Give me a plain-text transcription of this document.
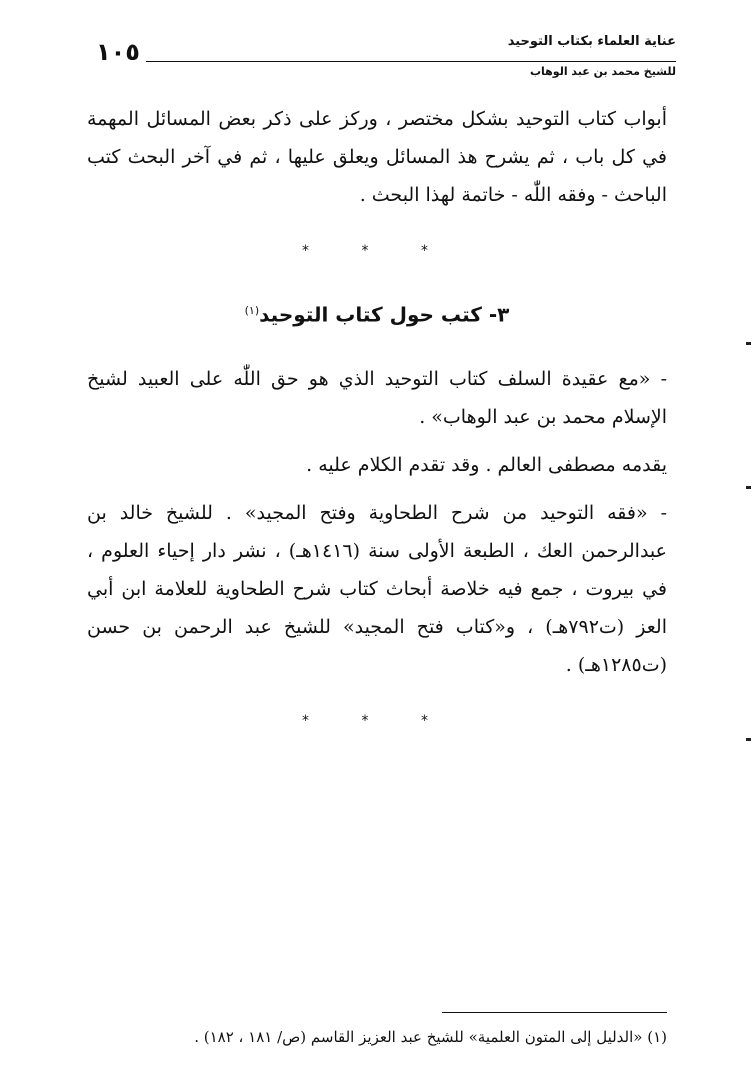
١٠٥	عناية العلماء بكتاب التوحيد
للشيخ محمد بن عبد الوهاب

أبواب كتاب التوحيد بشكل مختصر ، وركز على ذكر بعض المسائل المهمة في كل باب ، ثم يشرح هذ المسائل ويعلق عليها ، ثم في آخر البحث كتب الباحث - وفقه اللّٰه - خاتمة لهذا البحث .

* * *
٣- كتب حول كتاب التوحيد$^{(١)}$

- «مع عقيدة السلف كتاب التوحيد الذي هو حق اللّٰه على العبيد لشيخ الإسلام محمد بن عبد الوهاب» .

يقدمه مصطفى العالم . وقد تقدم الكلام عليه .

- «فقه التوحيد من شرح الطحاوية وفتح المجيد» . للشيخ خالد بن عبدالرحمن العك ، الطبعة الأولى سنة (١٤١٦هـ) ، نشر دار إحياء العلوم ، في بيروت ، جمع فيه خلاصة أبحاث كتاب شرح الطحاوية للعلامة ابن أبي العز (ت٧٩٢هـ) ، و«كتاب فتح المجيد» للشيخ عبد الرحمن بن حسن (ت١٢٨٥هـ) .

* * *
(١) «الدليل إلى المتون العلمية» للشيخ عبد العزيز القاسم (ص/ ١٨١ ، ١٨٢) .
